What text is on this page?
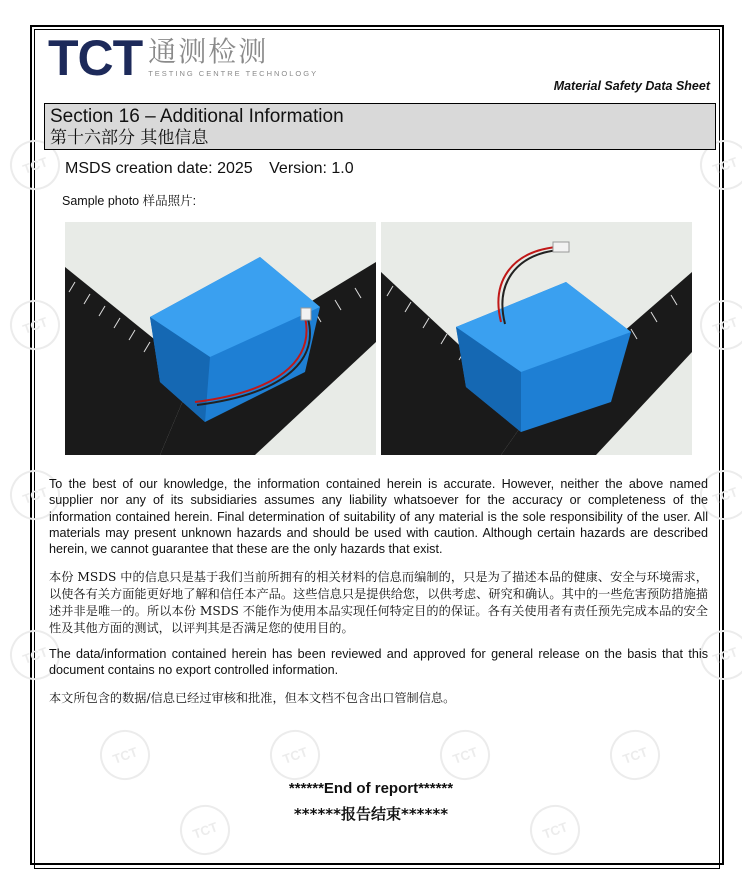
TCT	TCT
TCT	TCT
TCT	TCT
TCT	TCT
TCT	TCT	TCT	TCT
TCT	TCT
TCT 通测检测
TESTING CENTRE TECHNOLOGY
Material Safety Data Sheet
Section 16 – Additional Information
第十六部分 其他信息
MSDS creation date: 2025 Version: 1.0
Sample photo 样品照片:
To the best of our knowledge, the information contained herein is accurate. However, neither the above named supplier nor any of its subsidiaries assumes any liability whatsoever for the accuracy or completeness of the information contained herein. Final determination of suitability of any material is the sole responsibility of the user. All materials may present unknown hazards and should be used with caution. Although certain hazards are described herein, we cannot guarantee that these are the only hazards that exist.
本份 MSDS 中的信息只是基于我们当前所拥有的相关材料的信息而编制的，只是为了描述本品的健康、安全与环境需求，以使各有关方面能更好地了解和信任本产品。这些信息只是提供给您，以供考虑、研究和确认。其中的一些危害预防措施描述并非是唯一的。所以本份 MSDS 不能作为使用本品实现任何特定目的的保证。各有关使用者有责任预先完成本品的安全性及其他方面的测试，以评判其是否满足您的使用目的。
The data/information contained herein has been reviewed and approved for general release on the basis that this document contains no export controlled information.
本文所包含的数据/信息已经过审核和批准，但本文档不包含出口管制信息。
******End of report******
******报告结束******
